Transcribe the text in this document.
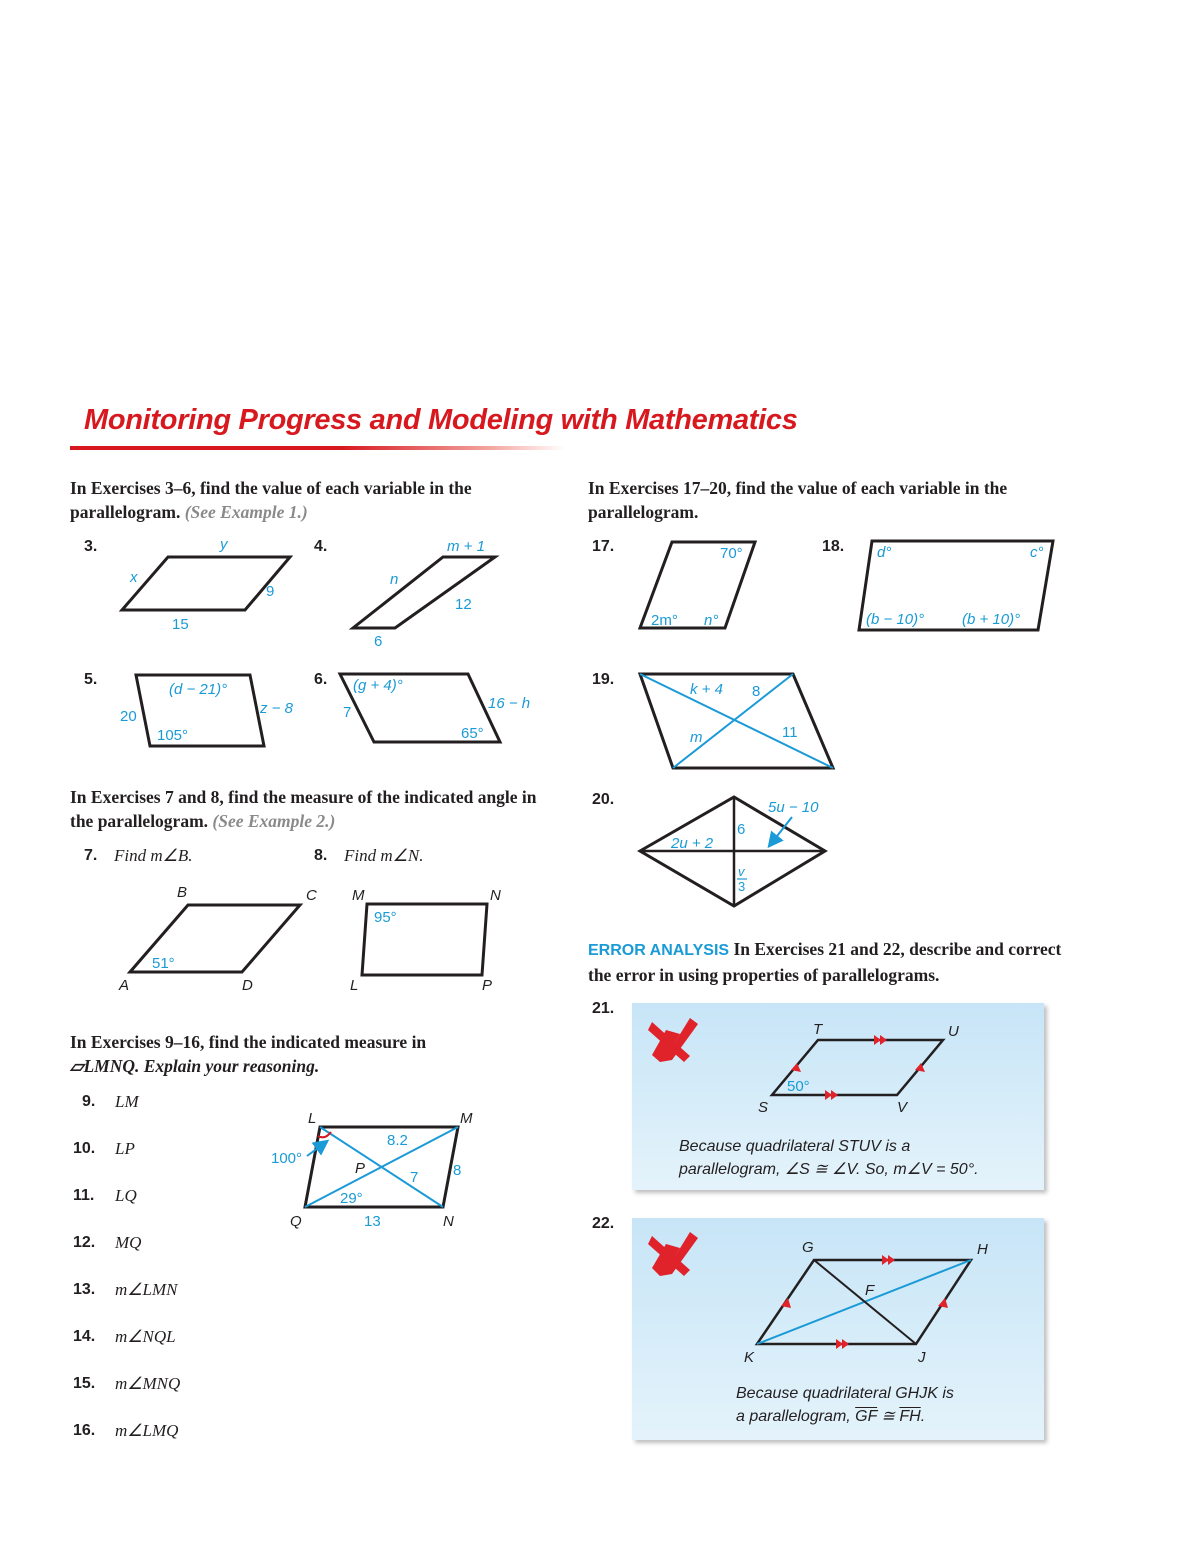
Monitoring Progress and Modeling with Mathematics
In Exercises 3–6, find the value of each variable in the parallelogram. (See Example 1.)
3.	4.
5.	6.
In Exercises 7 and 8, find the measure of the indicated angle in the parallelogram. (See Example 2.)
7. Find m∠B.	8. Find m∠N.
In Exercises 9–16, find the indicated measure in
▱LMNQ. Explain your reasoning.
9. LM
10. LP
11. LQ
12. MQ
13. m∠LMN
14. m∠NQL
15. m∠MNQ
16. m∠LMQ
In Exercises 17–20, find the value of each variable in the parallelogram.
17.	18.
19.
20.
ERROR ANALYSIS In Exercises 21 and 22, describe and correct the error in using properties of parallelograms.
21.
Because quadrilateral STUV is a
parallelogram, ∠S ≅ ∠V. So, m∠V = 50°.
22.
Because quadrilateral GHJK is
a parallelogram, $\overline{GF}$ ≅ $\overline{FH}$.
y
x
9
15
m + 1
n
12
6
(d − 21)°
20	z − 8
105°
(g + 4)°
7
16 − h
65°
B	C
A	D
51°
M	N
L	P
95°
L	M
Q	N
P
100°
8.2
7 8
29°
13
70°
2m° n°
d°	c°
(b − 10)°	(b + 10)°
k + 4 8
m	11
5u − 10
6
2u + 2
v
3
T	U
S	V
50°
G	H
F
K	J
